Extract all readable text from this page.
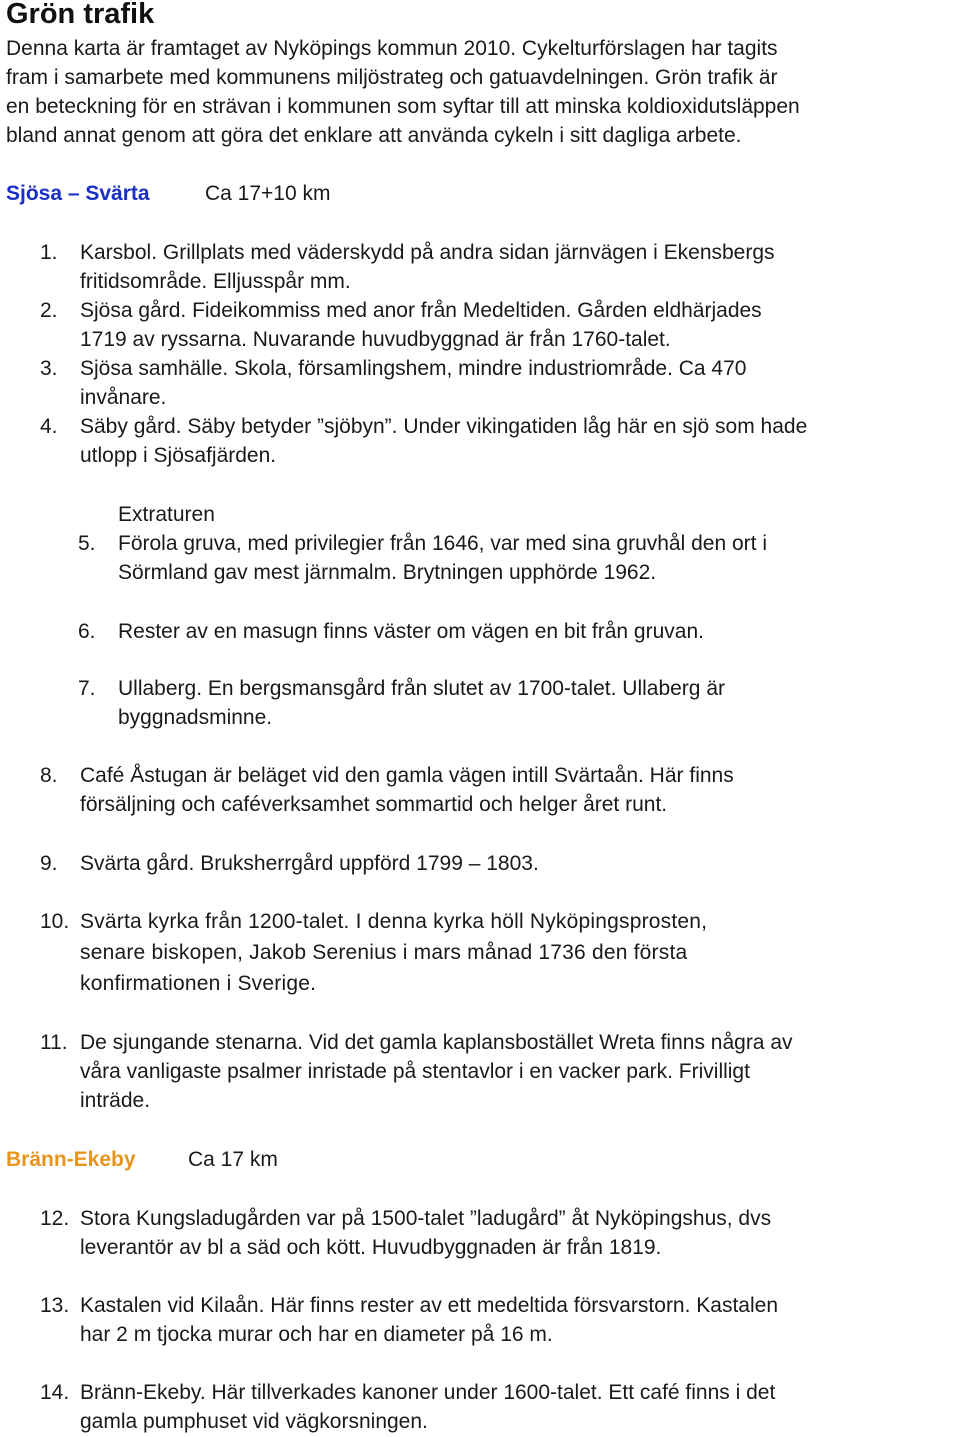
Grön trafik

Denna karta är framtaget av Nyköpings kommun 2010. Cykelturförslagen har tagits
fram i samarbete med kommunens miljöstrateg och gatuavdelningen. Grön trafik är
en beteckning för en strävan i kommunen som syftar till att minska koldioxidutsläppen
bland annat genom att göra det enklare att använda cykeln i sitt dagliga arbete.

Sjösa – Svärta	Ca 17+10 km
1. Karsbol. Grillplats med väderskydd på andra sidan järnvägen i Ekensbergs
fritidsområde. Elljusspår mm.
2. Sjösa gård. Fideikommiss med anor från Medeltiden. Gården eldhärjades
1719 av ryssarna. Nuvarande huvudbyggnad är från 1760-talet.
3. Sjösa samhälle. Skola, församlingshem, mindre industriområde. Ca 470
invånare.
4. Säby gård. Säby betyder ”sjöbyn”. Under vikingatiden låg här en sjö som hade
utlopp i Sjösafjärden.
Extraturen
5. Förola gruva, med privilegier från 1646, var med sina gruvhål den ort i
Sörmland gav mest järnmalm. Brytningen upphörde 1962.
6. Rester av en masugn finns väster om vägen en bit från gruvan.
7. Ullaberg. En bergsmansgård från slutet av 1700-talet. Ullaberg är
byggnadsminne.
8. Café Åstugan är beläget vid den gamla vägen intill Svärtaån. Här finns
försäljning och caféverksamhet sommartid och helger året runt.
9. Svärta gård. Bruksherrgård uppförd 1799 – 1803.
10. Svärta kyrka från 1200-talet. I denna kyrka höll Nyköpingsprosten,
senare biskopen, Jakob Serenius i mars månad 1736 den första
konfirmationen i Sverige.
11. De sjungande stenarna. Vid det gamla kaplansbostället Wreta finns några av
våra vanligaste psalmer inristade på stentavlor i en vacker park. Frivilligt
inträde.
Bränn-Ekeby Ca 17 km
12. Stora Kungsladugården var på 1500-talet ”ladugård” åt Nyköpingshus, dvs
leverantör av bl a säd och kött. Huvudbyggnaden är från 1819.
13. Kastalen vid Kilaån. Här finns rester av ett medeltida försvarstorn. Kastalen
har 2 m tjocka murar och har en diameter på 16 m.
14. Bränn-Ekeby. Här tillverkades kanoner under 1600-talet. Ett café finns i det
gamla pumphuset vid vägkorsningen.
